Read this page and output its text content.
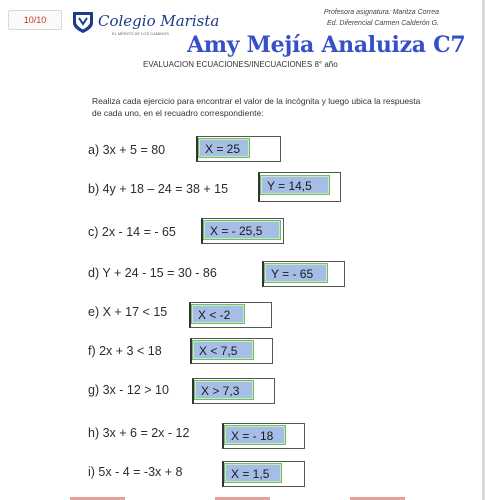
10/10	Colegio Marista
EL MÉRITO DE LOS CAMINOS
Profesora asignatura: Maritza Correa
Ed. Diferencial Carmen Calderón G.
Amy Mejía Analuiza C7
EVALUACION ECUACIONES/INECUACIONES 8° año
Realiza cada ejercicio para encontrar el valor de la incógnita y luego ubica la respuesta de cada uno, en el recuadro correspondiente:
a) 3x + 5 = 80	X = 25
b) 4y + 18 – 24 = 38 + 15	Y = 14,5
c) 2x - 14 = - 65	X = - 25,5
d) Y + 24 - 15 = 30 - 86	Y = - 65
e) X + 17 < 15	X < -2
f) 2x + 3 < 18	X < 7,5
g) 3x - 12 > 10	X > 7,3
h) 3x + 6 = 2x - 12	X = - 18
i) 5x - 4 = -3x + 8	X = 1,5
